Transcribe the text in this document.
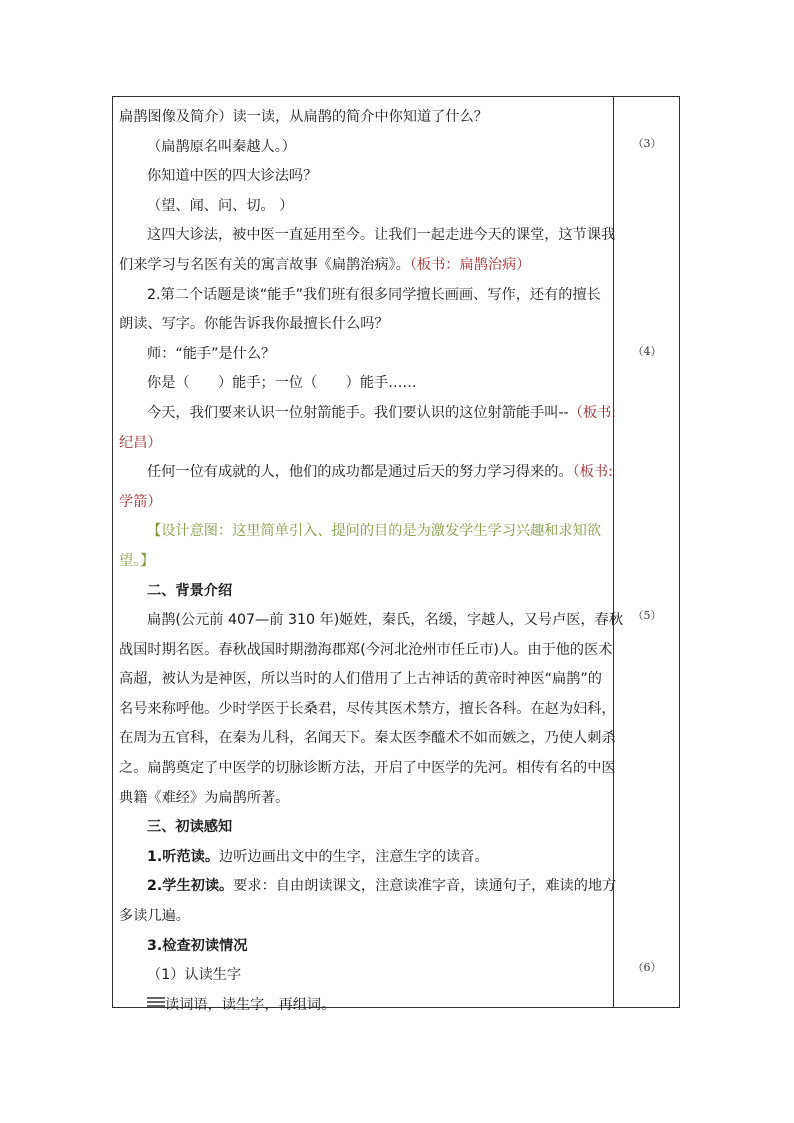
扁鹊图像及简介）读一读，从扁鹊的简介中你知道了什么？
（扁鹊原名叫秦越人。）
你知道中医的四大诊法吗？
（望、闻、问、切。 ）
这四大诊法，被中医一直延用至今。让我们一起走进今天的课堂，这节课我
们来学习与名医有关的寓言故事《扁鹊治病》。（板书：扁鹊治病）
2.第二个话题是谈“能手”我们班有很多同学擅长画画、写作，还有的擅长
朗读、写字。你能告诉我你最擅长什么吗？
师：“能手”是什么？
你是（　　）能手；一位（　　）能手……
今天，我们要来认识一位射箭能手。我们要认识的这位射箭能手叫--（板书:
纪昌）
任何一位有成就的人，他们的成功都是通过后天的努力学习得来的。（板书:
学箭）
【设计意图：这里简单引入、提问的目的是为激发学生学习兴趣和求知欲
望。】
二、背景介绍
扁鹊(公元前 407—前 310 年)姬姓，秦氏，名缓，字越人，又号卢医，春秋
战国时期名医。春秋战国时期渤海郡郑(今河北沧州市任丘市)人。由于他的医术
高超，被认为是神医，所以当时的人们借用了上古神话的黄帝时神医“扁鹊”的
名号来称呼他。少时学医于长桑君，尽传其医术禁方，擅长各科。在赵为妇科，
在周为五官科，在秦为儿科，名闻天下。秦太医李醯术不如而嫉之，乃使人刺杀
之。扁鹊奠定了中医学的切脉诊断方法，开启了中医学的先河。相传有名的中医
典籍《难经》为扁鹊所著。
三、初读感知
1.听范读。边听边画出文中的生字，注意生字的读音。
2.学生初读。要求：自由朗读课文，注意读准字音，读通句子，难读的地方
多读几遍。
3.检查初读情况
（1）认读生字
读词语，读生字，再组词。
（3）
（4）
（5）
（6）
